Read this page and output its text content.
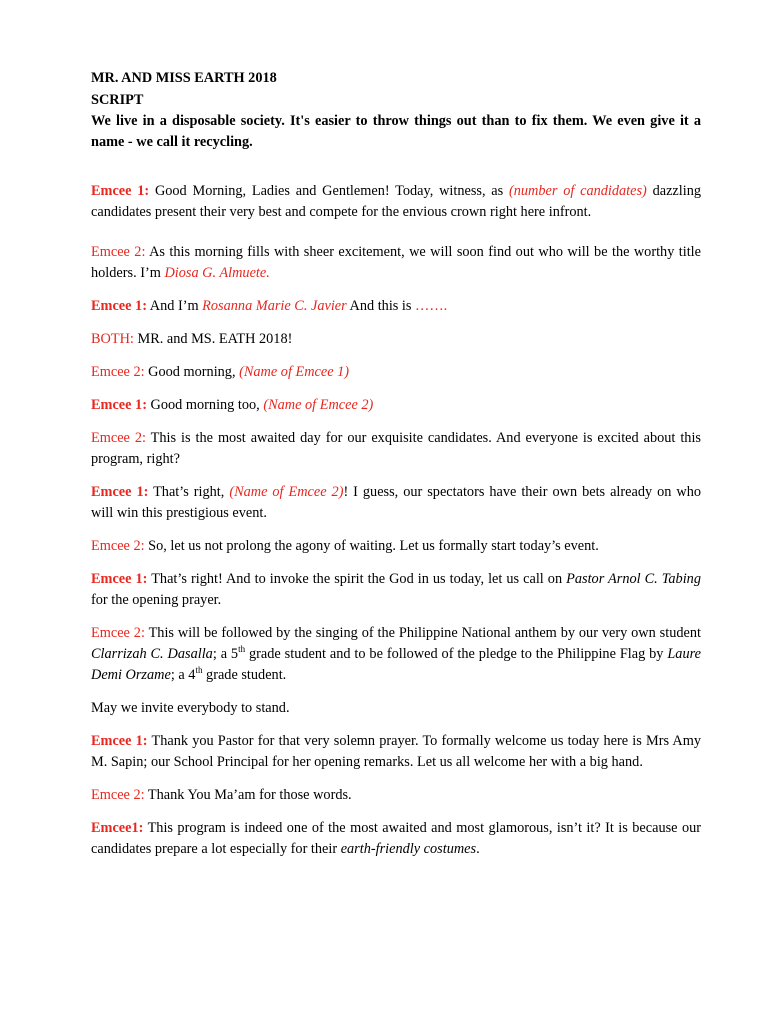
MR. AND MISS EARTH 2018
SCRIPT

We live in a disposable society. It's easier to throw things out than to fix them. We even give it a name - we call it recycling.

Emcee 1: Good Morning, Ladies and Gentlemen! Today, witness, as (number of candidates) dazzling candidates present their very best and compete for the envious crown right here infront.

Emcee 2: As this morning fills with sheer excitement, we will soon find out who will be the worthy title holders. I’m Diosa G. Almuete.

Emcee 1: And I’m Rosanna Marie C. Javier And this is …….

BOTH: MR. and MS. EATH 2018!

Emcee 2: Good morning, (Name of Emcee 1)

Emcee 1: Good morning too, (Name of Emcee 2)

Emcee 2: This is the most awaited day for our exquisite candidates. And everyone is excited about this program, right?

Emcee 1: That’s right, (Name of Emcee 2)! I guess, our spectators have their own bets already on who will win this prestigious event.

Emcee 2: So, let us not prolong the agony of waiting. Let us formally start today’s event.

Emcee 1: That’s right! And to invoke the spirit the God in us today, let us call on Pastor Arnol C. Tabing for the opening prayer.

Emcee 2: This will be followed by the singing of the Philippine National anthem by our very own student Clarrizah C. Dasalla; a 5th grade student and to be followed of the pledge to the Philippine Flag by Laure Demi Orzame; a 4th grade student.

May we invite everybody to stand.

Emcee 1: Thank you Pastor for that very solemn prayer. To formally welcome us today here is Mrs Amy M. Sapin; our School Principal for her opening remarks. Let us all welcome her with a big hand.

Emcee 2: Thank You Ma’am for those words.

Emcee1: This program is indeed one of the most awaited and most glamorous, isn’t it? It is because our candidates prepare a lot especially for their earth-friendly costumes.
